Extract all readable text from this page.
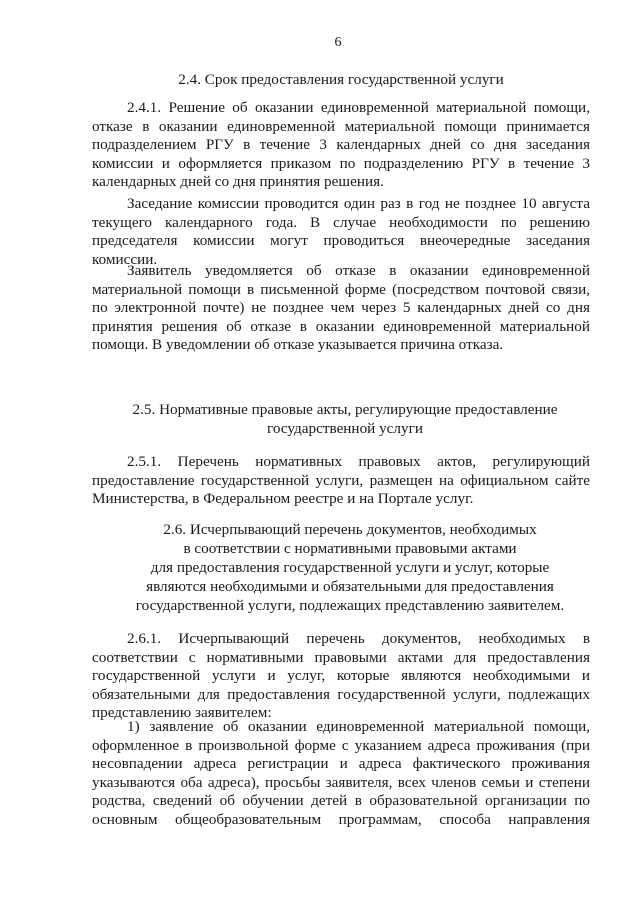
6
2.4. Срок предоставления государственной услуги

2.4.1. Решение об оказании единовременной материальной помощи, отказе в оказании единовременной материальной помощи принимается подразделением РГУ в течение 3 календарных дней со дня заседания комиссии и оформляется приказом по подразделению РГУ в течение 3 календарных дней со дня принятия решения.

Заседание комиссии проводится один раз в год не позднее 10 августа текущего календарного года. В случае необходимости по решению председателя комиссии могут проводиться внеочередные заседания комиссии.

Заявитель уведомляется об отказе в оказании единовременной материальной помощи в письменной форме (посредством почтовой связи, по электронной почте) не позднее чем через 5 календарных дней со дня принятия решения об отказе в оказании единовременной материальной помощи. В уведомлении об отказе указывается причина отказа.

2.5. Нормативные правовые акты, регулирующие предоставление
государственной услуги

2.5.1. Перечень нормативных правовых актов, регулирующий предоставление государственной услуги, размещен на официальном сайте Министерства, в Федеральном реестре и на Портале услуг.

2.6. Исчерпывающий перечень документов, необходимых
в соответствии с нормативными правовыми актами
для предоставления государственной услуги и услуг, которые
являются необходимыми и обязательными для предоставления
государственной услуги, подлежащих представлению заявителем.

2.6.1. Исчерпывающий перечень документов, необходимых в соответствии с нормативными правовыми актами для предоставления государственной услуги и услуг, которые являются необходимыми и обязательными для предоставления государственной услуги, подлежащих представлению заявителем:

1) заявление об оказании единовременной материальной помощи, оформленное в произвольной форме с указанием адреса проживания (при несовпадении адреса регистрации и адреса фактического проживания указываются оба адреса), просьбы заявителя, всех членов семьи и степени родства, сведений об обучении детей в образовательной организации по основным общеобразовательным программам, способа направления
